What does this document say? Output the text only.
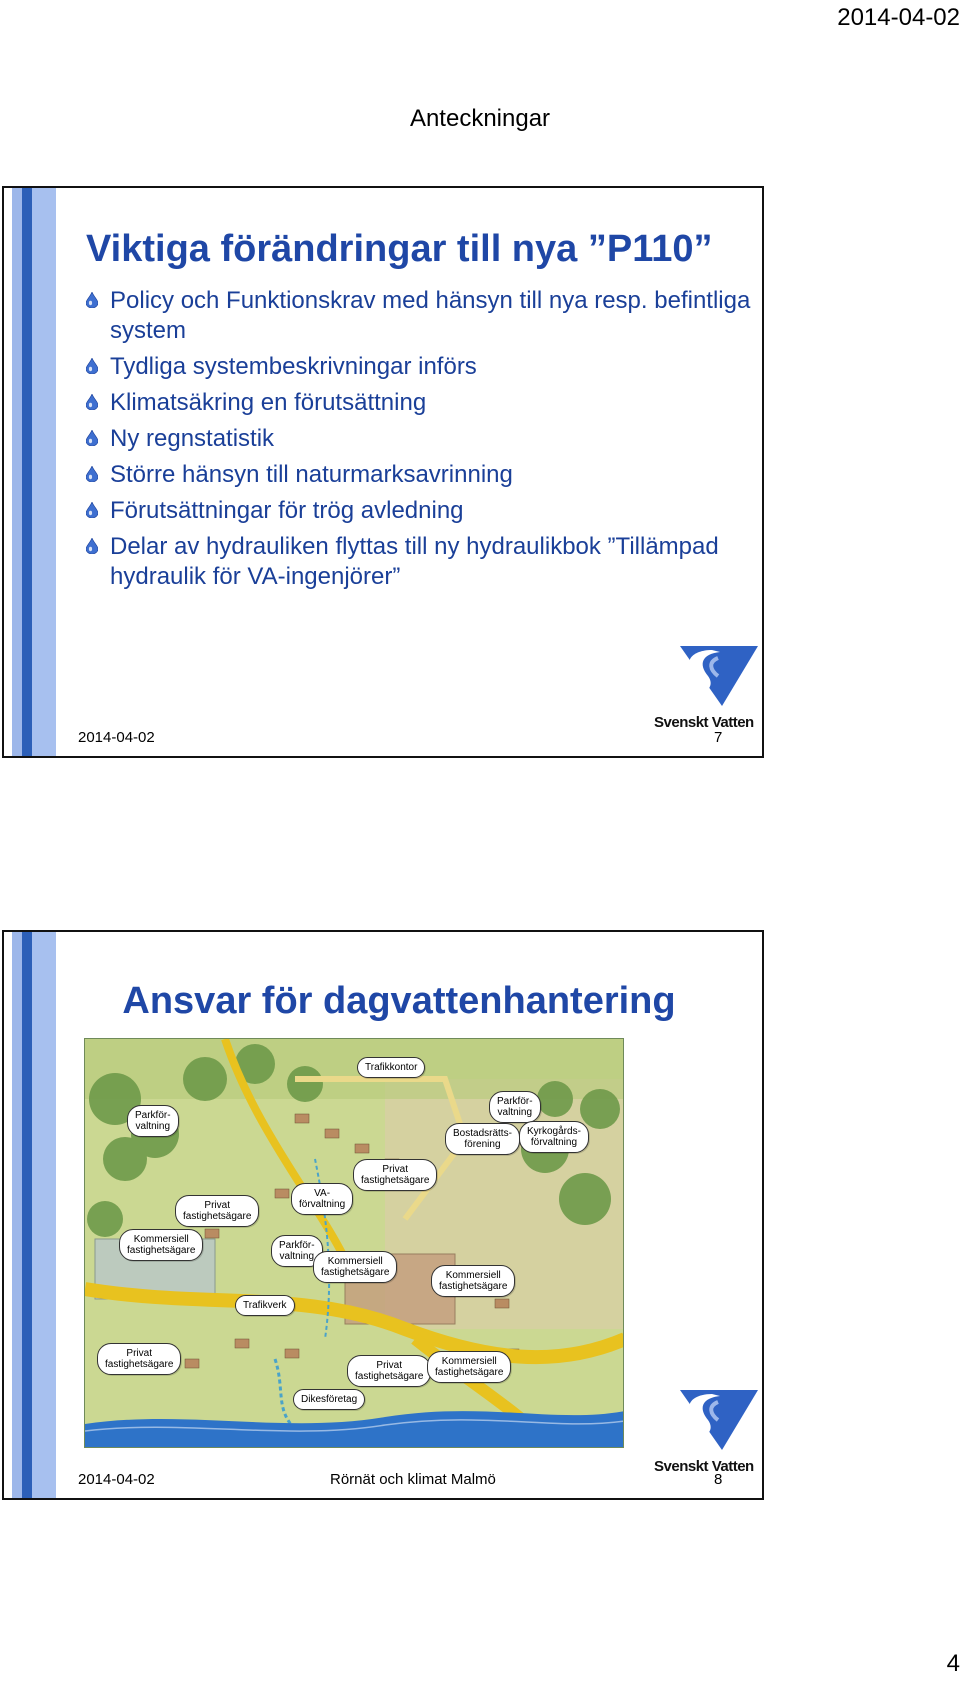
2014-04-02
Anteckningar
Viktiga förändringar till nya ”P110”
Policy och Funktionskrav med hänsyn till nya resp. befintliga system
Tydliga systembeskrivningar införs
Klimatsäkring en förutsättning
Ny regnstatistik
Större hänsyn till naturmarksavrinning
Förutsättningar för trög avledning
Delar av hydrauliken flyttas till ny hydraulikbok ”Tillämpad hydraulik för VA-ingenjörer”
Svenskt Vatten
2014-04-02	7
Ansvar för dagvattenhantering
Trafikkontor
Parkför-
valtning
Parkför-
valtning
Bostadsrätts-
förening
Kyrkogårds-
förvaltning
Privat
fastighetsägare
VA-
förvaltning
Privat
fastighetsägare
Kommersiell
fastighetsägare	Parkför-
valtning	Kommersiell
fastighetsägare	Kommersiell
fastighetsägare
Trafikverk
Privat
fastighetsägare	Privat
fastighetsägare
Kommersiell
fastighetsägare
Dikesföretag
Svenskt Vatten
2014-04-02	Rörnät och klimat Malmö	8
4
